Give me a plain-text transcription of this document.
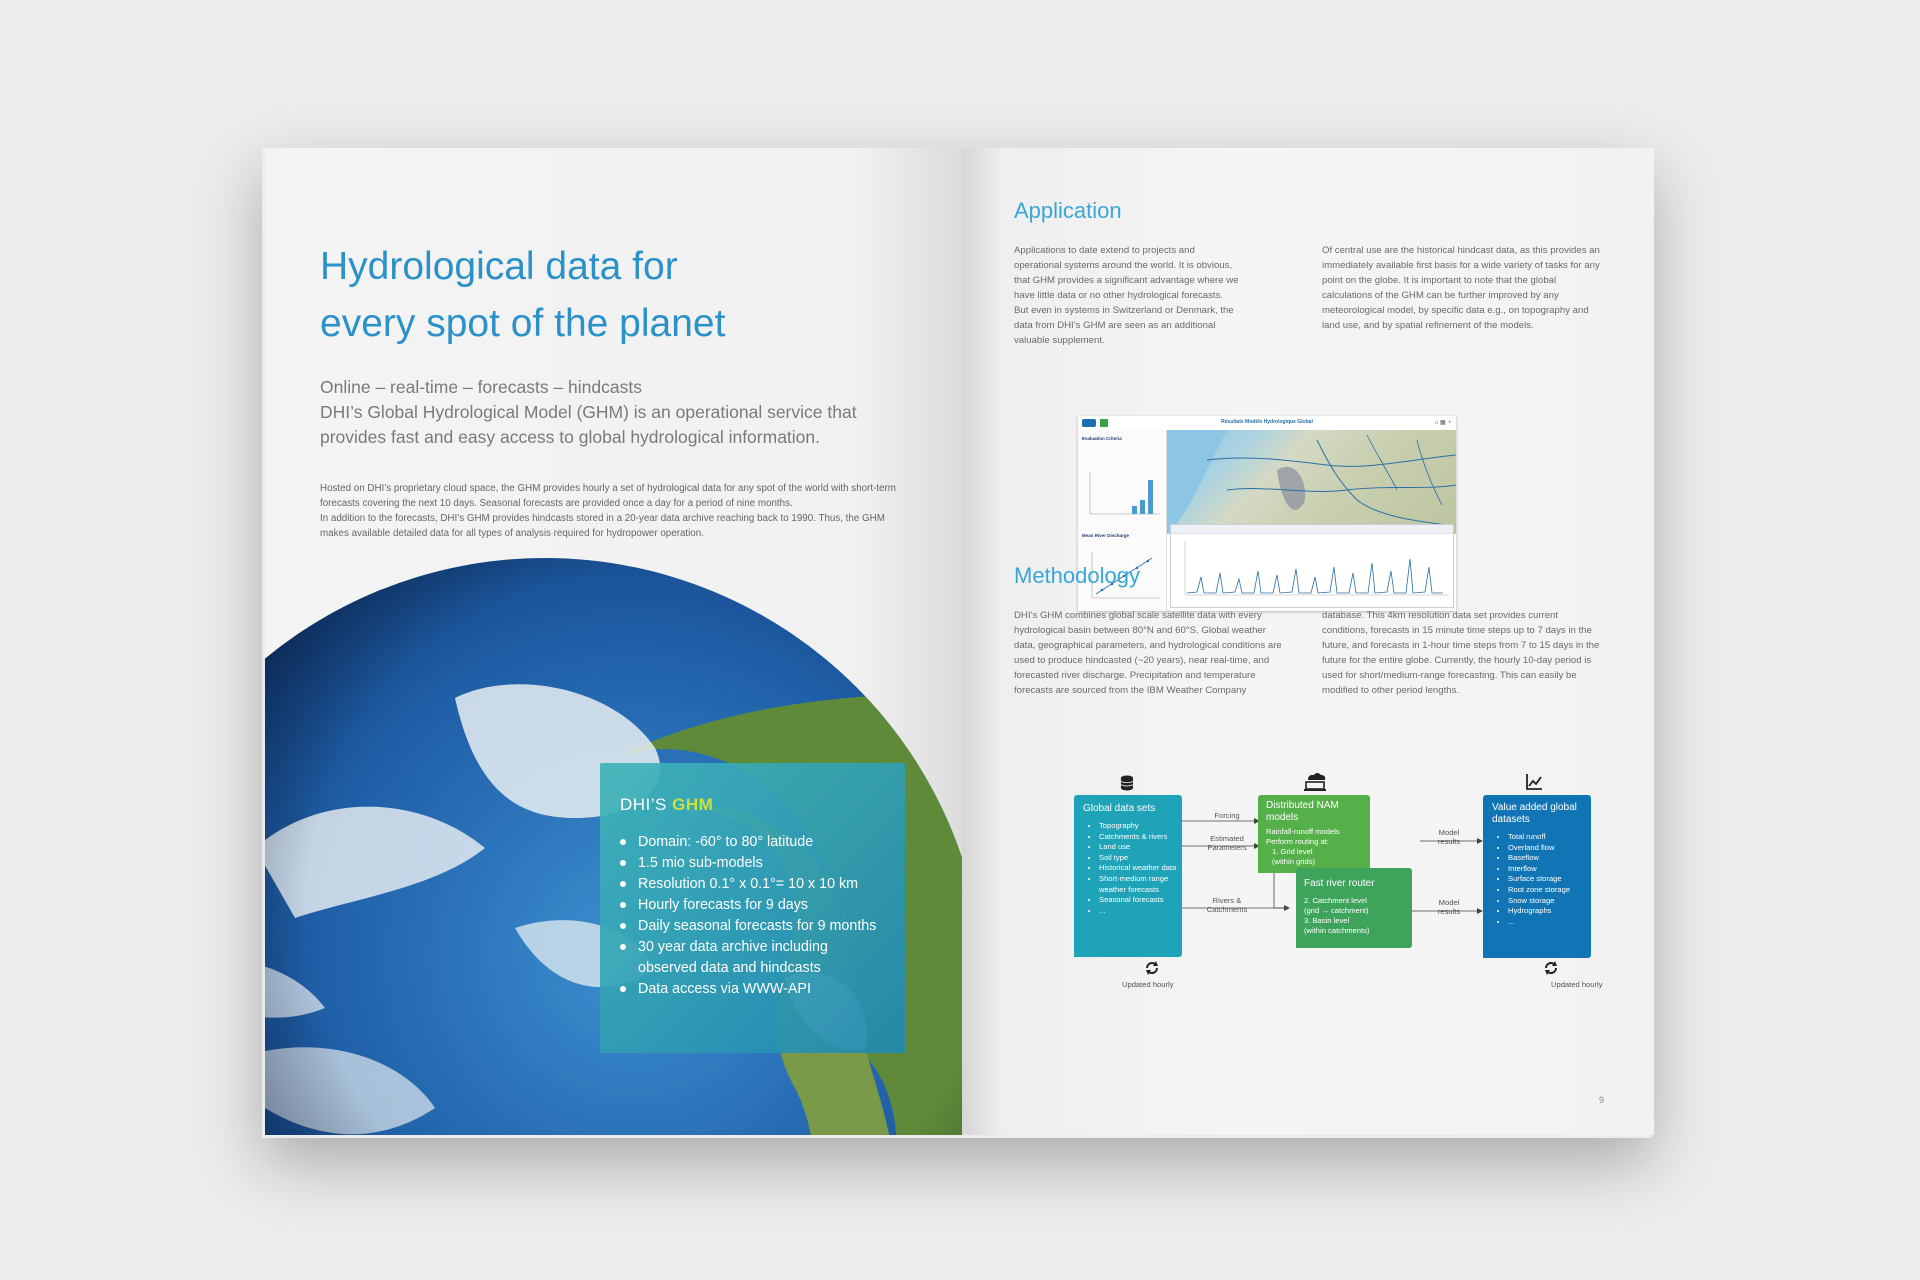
Hydrological data for
every spot of the planet
Online – real-time – forecasts – hindcasts
DHI’s Global Hydrological Model (GHM) is an operational service that provides fast and easy access to global hydrological information.
Hosted on DHI’s proprietary cloud space, the GHM provides hourly a set of hydrological data for any spot of the world with short-term forecasts covering the next 10 days. Seasonal forecasts are provided once a day for a period of nine months.
In addition to the forecasts, DHI’s GHM provides hindcasts stored in a 20-year data archive reaching back to 1990. Thus, the GHM makes available detailed data for all types of analysis required for hydropower operation.
DHI’S GHM
Domain: -60° to 80° latitude
1.5 mio sub-models
Resolution 0.1° x 0.1°= 10 x 10 km
Hourly forecasts for 9 days
Daily seasonal forecasts for 9 months
30 year data archive including observed data and hindcasts
Data access via WWW-API
Application
Applications to date extend to projects and operational systems around the world. It is obvious, that GHM provides a significant advantage where we have little data or no other hydrological forecasts.
But even in systems in Switzerland or Denmark, the data from DHI’s GHM are seen as an additional valuable supplement.
Of central use are the historical hindcast data, as this provides an immediately available first basis for a wide variety of tasks for any point on the globe. It is important to note that the global calculations of the GHM can be further improved by any meteorological model, by specific data e.g., on topography and land use, and by spatial refinement of the models.
Résultats Modèle Hydrologique Global	⌂ ▦ ◔
Evaluation Criteria
Mean River Discharge
Methodology
DHI’s GHM combines global scale satellite data with every hydrological basin between 80°N and 60°S. Global weather data, geographical parameters, and hydrological conditions are used to produce hindcasted (~20 years), near real-time, and forecasted river discharge. Precipitation and temperature forecasts are sourced from the IBM Weather Company
database. This 4km resolution data set provides current conditions, forecasts in 15 minute time steps up to 7 days in the future, and forecasts in 1-hour time steps from 7 to 15 days in the future for the entire globe. Currently, the hourly 10-day period is used for short/medium-range forecasting. This can easily be modified to other period lengths.
Global data sets
• Topography
• Catchments & rivers
• Land use
• Soil type
• Historical weather data
• Short-medium range weather forecasts
• Seasonal forecasts
• ...
Updated hourly
Forcing
Estimated
Parameters
Rivers &
Catchments
Model
results
Model
results
Distributed NAM models
Rainfall-runoff models
Perform routing at:
1. Grid level
(within grids)
Fast river router
2. Catchment level
(grid → catchment)
3. Basin level
(within catchments)
Value added global datasets
• Total runoff
• Overland flow
• Baseflow
• Interflow
• Surface storage
• Root zone storage
• Snow storage
• Hydrographs
• ...
Updated hourly
9
